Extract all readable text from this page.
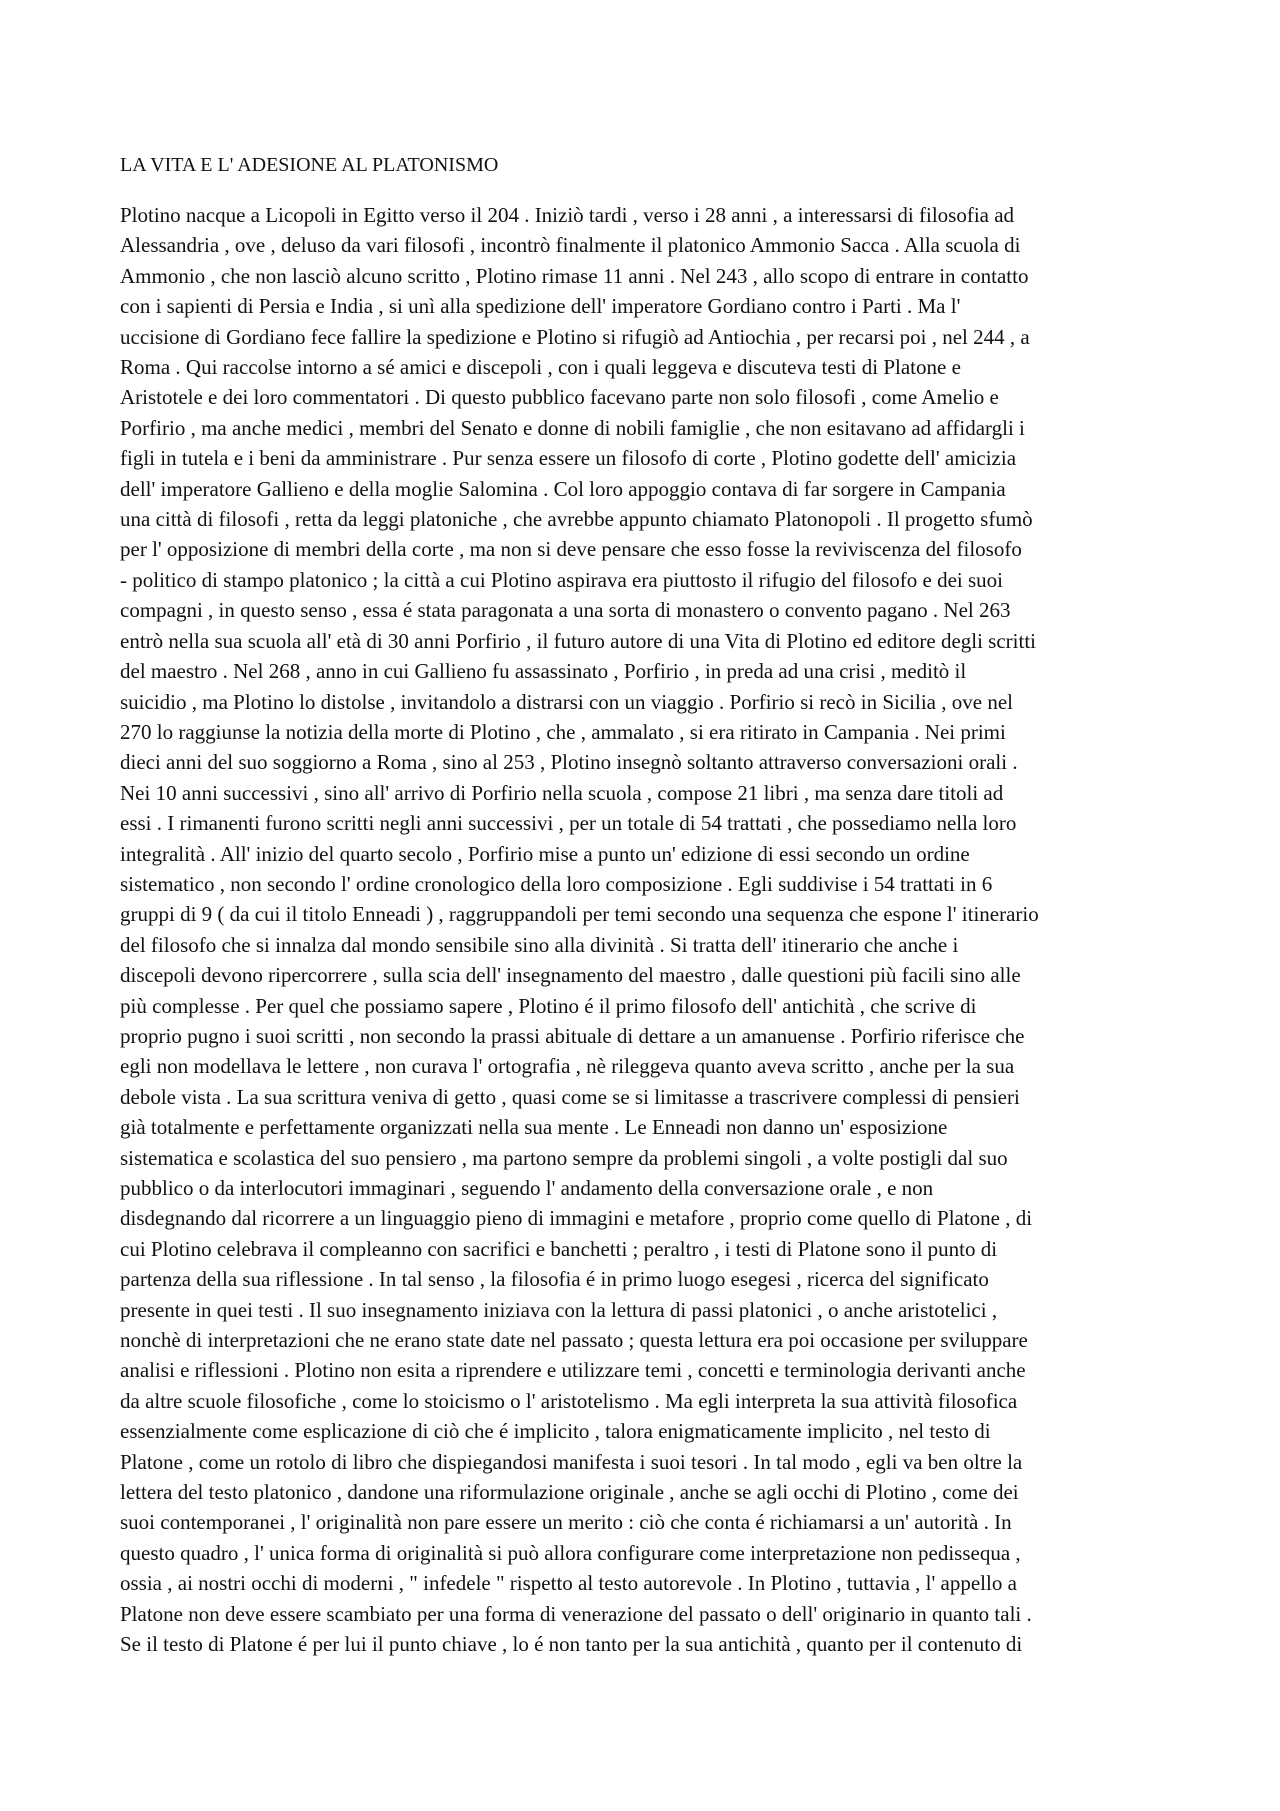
LA VITA E L' ADESIONE AL PLATONISMO
Plotino nacque a Licopoli in Egitto verso il 204 . Iniziò tardi , verso i 28 anni , a interessarsi di filosofia ad
Alessandria , ove , deluso da vari filosofi , incontrò finalmente il platonico Ammonio Sacca . Alla scuola di
Ammonio , che non lasciò alcuno scritto , Plotino rimase 11 anni . Nel 243 , allo scopo di entrare in contatto
con i sapienti di Persia e India , si unì alla spedizione dell' imperatore Gordiano contro i Parti . Ma l'
uccisione di Gordiano fece fallire la spedizione e Plotino si rifugiò ad Antiochia , per recarsi poi , nel 244 , a
Roma . Qui raccolse intorno a sé amici e discepoli , con i quali leggeva e discuteva testi di Platone e
Aristotele e dei loro commentatori . Di questo pubblico facevano parte non solo filosofi , come Amelio e
Porfirio , ma anche medici , membri del Senato e donne di nobili famiglie , che non esitavano ad affidargli i
figli in tutela e i beni da amministrare . Pur senza essere un filosofo di corte , Plotino godette dell' amicizia
dell' imperatore Gallieno e della moglie Salomina . Col loro appoggio contava di far sorgere in Campania
una città di filosofi , retta da leggi platoniche , che avrebbe appunto chiamato Platonopoli . Il progetto sfumò
per l' opposizione di membri della corte , ma non si deve pensare che esso fosse la reviviscenza del filosofo
- politico di stampo platonico ; la città a cui Plotino aspirava era piuttosto il rifugio del filosofo e dei suoi
compagni , in questo senso , essa é stata paragonata a una sorta di monastero o convento pagano . Nel 263
entrò nella sua scuola all' età di 30 anni Porfirio , il futuro autore di una Vita di Plotino ed editore degli scritti
del maestro . Nel 268 , anno in cui Gallieno fu assassinato , Porfirio , in preda ad una crisi , meditò il
suicidio , ma Plotino lo distolse , invitandolo a distrarsi con un viaggio . Porfirio si recò in Sicilia , ove nel
270 lo raggiunse la notizia della morte di Plotino , che , ammalato , si era ritirato in Campania . Nei primi
dieci anni del suo soggiorno a Roma , sino al 253 , Plotino insegnò soltanto attraverso conversazioni orali .
Nei 10 anni successivi , sino all' arrivo di Porfirio nella scuola , compose 21 libri , ma senza dare titoli ad
essi . I rimanenti furono scritti negli anni successivi , per un totale di 54 trattati , che possediamo nella loro
integralità . All' inizio del quarto secolo , Porfirio mise a punto un' edizione di essi secondo un ordine
sistematico , non secondo l' ordine cronologico della loro composizione . Egli suddivise i 54 trattati in 6
gruppi di 9 ( da cui il titolo Enneadi ) , raggruppandoli per temi secondo una sequenza che espone l' itinerario
del filosofo che si innalza dal mondo sensibile sino alla divinità . Si tratta dell' itinerario che anche i
discepoli devono ripercorrere , sulla scia dell' insegnamento del maestro , dalle questioni più facili sino alle
più complesse . Per quel che possiamo sapere , Plotino é il primo filosofo dell' antichità , che scrive di
proprio pugno i suoi scritti , non secondo la prassi abituale di dettare a un amanuense . Porfirio riferisce che
egli non modellava le lettere , non curava l' ortografia , nè rileggeva quanto aveva scritto , anche per la sua
debole vista . La sua scrittura veniva di getto , quasi come se si limitasse a trascrivere complessi di pensieri
già totalmente e perfettamente organizzati nella sua mente . Le Enneadi non danno un' esposizione
sistematica e scolastica del suo pensiero , ma partono sempre da problemi singoli , a volte postigli dal suo
pubblico o da interlocutori immaginari , seguendo l' andamento della conversazione orale , e non
disdegnando dal ricorrere a un linguaggio pieno di immagini e metafore , proprio come quello di Platone , di
cui Plotino celebrava il compleanno con sacrifici e banchetti ; peraltro , i testi di Platone sono il punto di
partenza della sua riflessione . In tal senso , la filosofia é in primo luogo esegesi , ricerca del significato
presente in quei testi . Il suo insegnamento iniziava con la lettura di passi platonici , o anche aristotelici ,
nonchè di interpretazioni che ne erano state date nel passato ; questa lettura era poi occasione per sviluppare
analisi e riflessioni . Plotino non esita a riprendere e utilizzare temi , concetti e terminologia derivanti anche
da altre scuole filosofiche , come lo stoicismo o l' aristotelismo . Ma egli interpreta la sua attività filosofica
essenzialmente come esplicazione di ciò che é implicito , talora enigmaticamente implicito , nel testo di
Platone , come un rotolo di libro che dispiegandosi manifesta i suoi tesori . In tal modo , egli va ben oltre la
lettera del testo platonico , dandone una riformulazione originale , anche se agli occhi di Plotino , come dei
suoi contemporanei , l' originalità non pare essere un merito : ciò che conta é richiamarsi a un' autorità . In
questo quadro , l' unica forma di originalità si può allora configurare come interpretazione non pedissequa ,
ossia , ai nostri occhi di moderni , " infedele " rispetto al testo autorevole . In Plotino , tuttavia , l' appello a
Platone non deve essere scambiato per una forma di venerazione del passato o dell' originario in quanto tali .
Se il testo di Platone é per lui il punto chiave , lo é non tanto per la sua antichità , quanto per il contenuto di
